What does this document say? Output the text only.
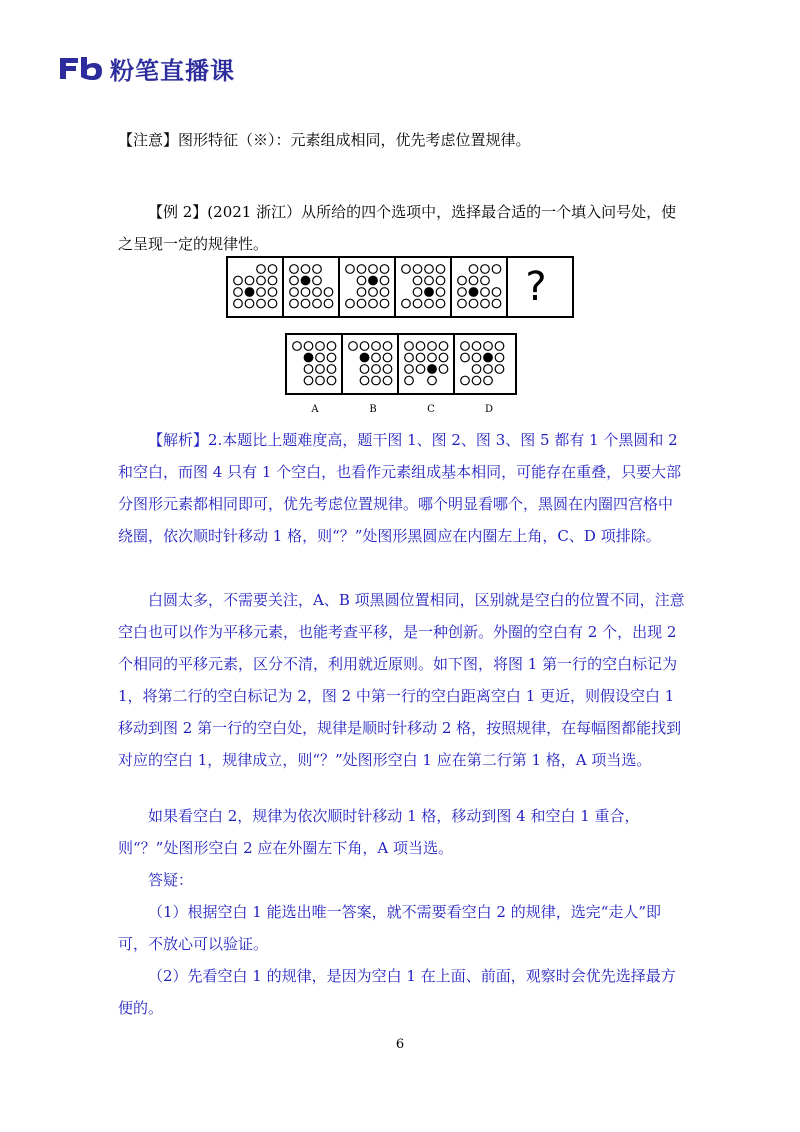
粉笔直播课
【注意】图形特征（※）：元素组成相同，优先考虑位置规律。
【例 2】(2021 浙江）从所给的四个选项中，选择最合适的一个填入问号处，使之呈现一定的规律性。
?
A	B	C	D
【解析】2.本题比上题难度高，题干图 1、图 2、图 3、图 5 都有 1 个黑圆和 2 和空白，而图 4 只有 1 个空白，也看作元素组成基本相同，可能存在重叠，只要大部分图形元素都相同即可，优先考虑位置规律。哪个明显看哪个，黑圆在内圈四宫格中绕圈，依次顺时针移动 1 格，则“？”处图形黑圆应在内圈左上角，C、D 项排除。
白圆太多，不需要关注，A、B 项黑圆位置相同，区别就是空白的位置不同，注意空白也可以作为平移元素，也能考查平移，是一种创新。外圈的空白有 2 个，出现 2 个相同的平移元素，区分不清，利用就近原则。如下图，将图 1 第一行的空白标记为 1，将第二行的空白标记为 2，图 2 中第一行的空白距离空白 1 更近，则假设空白 1 移动到图 2 第一行的空白处，规律是顺时针移动 2 格，按照规律，在每幅图都能找到对应的空白 1，规律成立，则“？”处图形空白 1 应在第二行第 1 格，A 项当选。
如果看空白 2，规律为依次顺时针移动 1 格，移动到图 4 和空白 1 重合，则“？”处图形空白 2 应在外圈左下角，A 项当选。
答疑：
（1）根据空白 1 能选出唯一答案，就不需要看空白 2 的规律，选完“走人”即可，不放心可以验证。
（2）先看空白 1 的规律，是因为空白 1 在上面、前面，观察时会优先选择最方便的。
6
